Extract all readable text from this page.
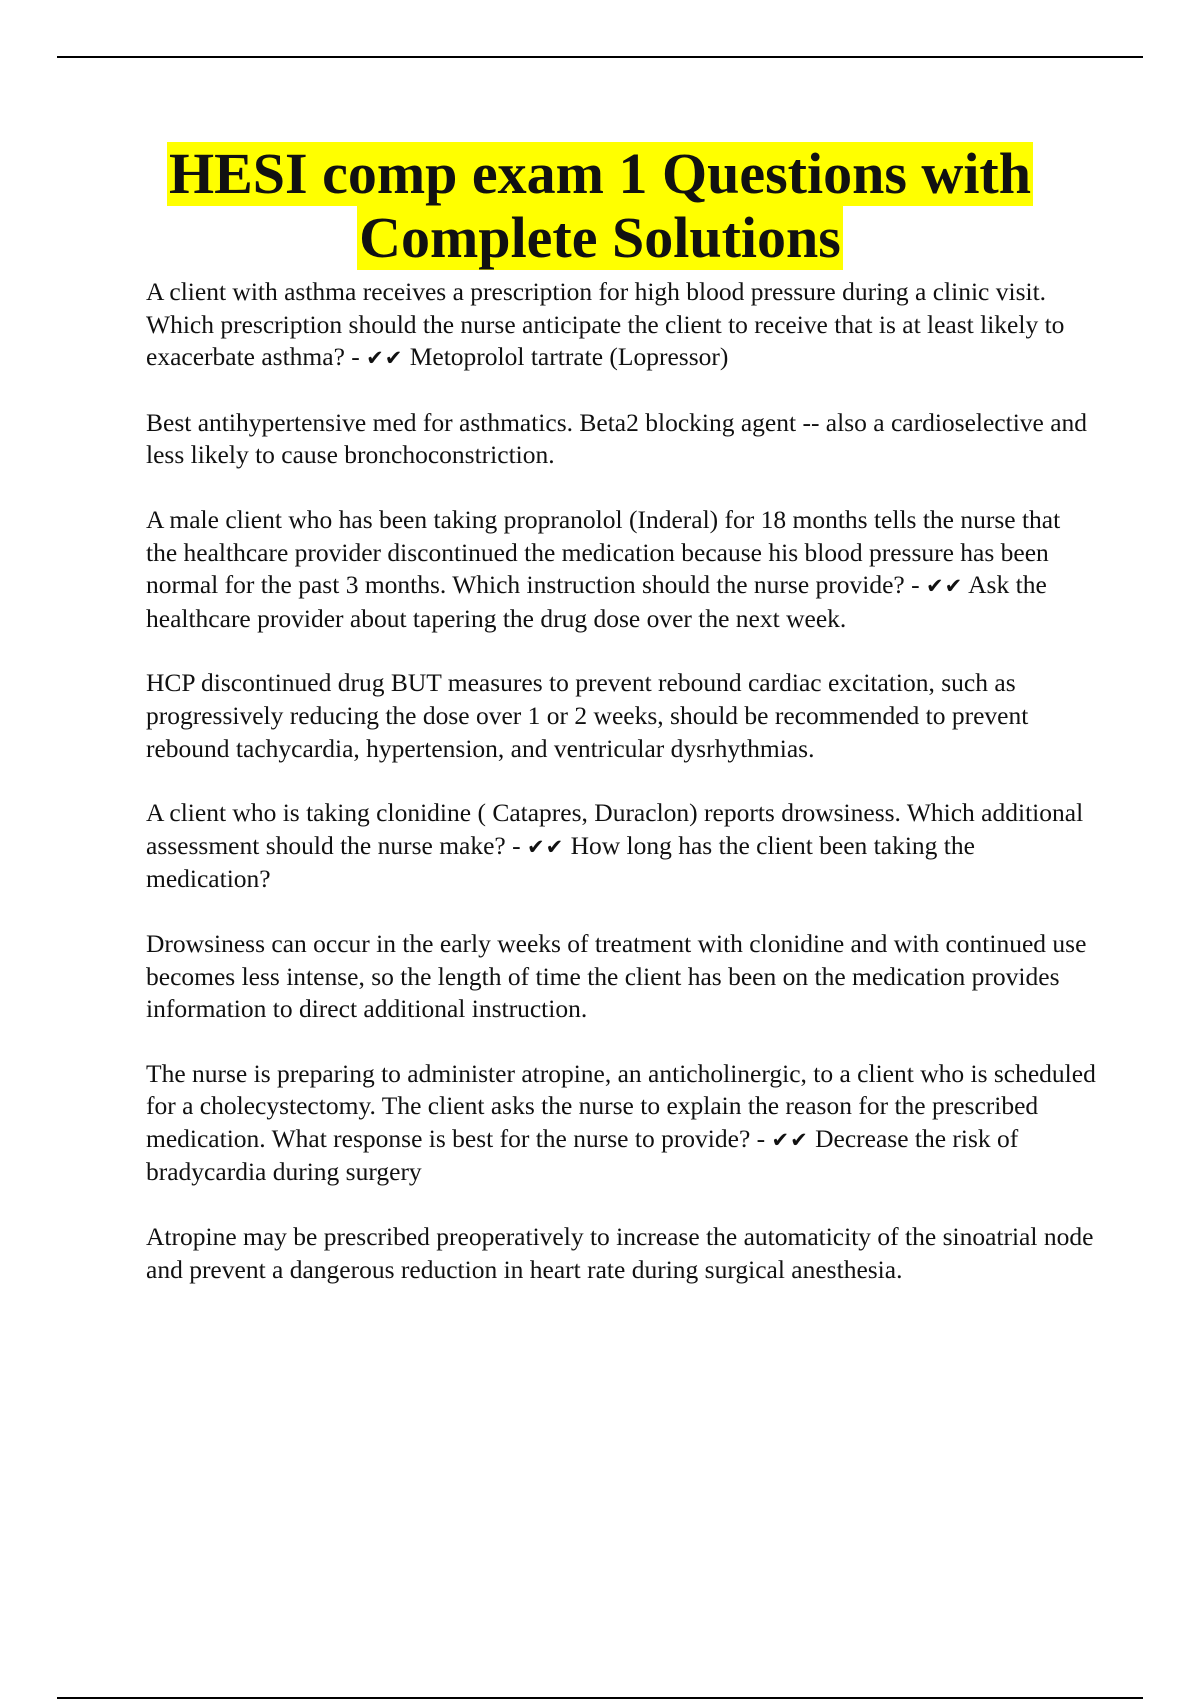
HESI comp exam 1 Questions with
Complete Solutions

A client with asthma receives a prescription for high blood pressure during a clinic visit. Which prescription should the nurse anticipate the client to receive that is at least likely to exacerbate asthma? - ✔✔ Metoprolol tartrate (Lopressor)

Best antihypertensive med for asthmatics. Beta2 blocking agent -- also a cardioselective and less likely to cause bronchoconstriction.

A male client who has been taking propranolol (Inderal) for 18 months tells the nurse that the healthcare provider discontinued the medication because his blood pressure has been normal for the past 3 months. Which instruction should the nurse provide? - ✔✔ Ask the healthcare provider about tapering the drug dose over the next week.

HCP discontinued drug BUT measures to prevent rebound cardiac excitation, such as progressively reducing the dose over 1 or 2 weeks, should be recommended to prevent rebound tachycardia, hypertension, and ventricular dysrhythmias.

A client who is taking clonidine ( Catapres, Duraclon) reports drowsiness. Which additional assessment should the nurse make? - ✔✔ How long has the client been taking the medication?

Drowsiness can occur in the early weeks of treatment with clonidine and with continued use becomes less intense, so the length of time the client has been on the medication provides information to direct additional instruction.

The nurse is preparing to administer atropine, an anticholinergic, to a client who is scheduled for a cholecystectomy. The client asks the nurse to explain the reason for the prescribed medication. What response is best for the nurse to provide? - ✔✔ Decrease the risk of bradycardia during surgery

Atropine may be prescribed preoperatively to increase the automaticity of the sinoatrial node and prevent a dangerous reduction in heart rate during surgical anesthesia.
